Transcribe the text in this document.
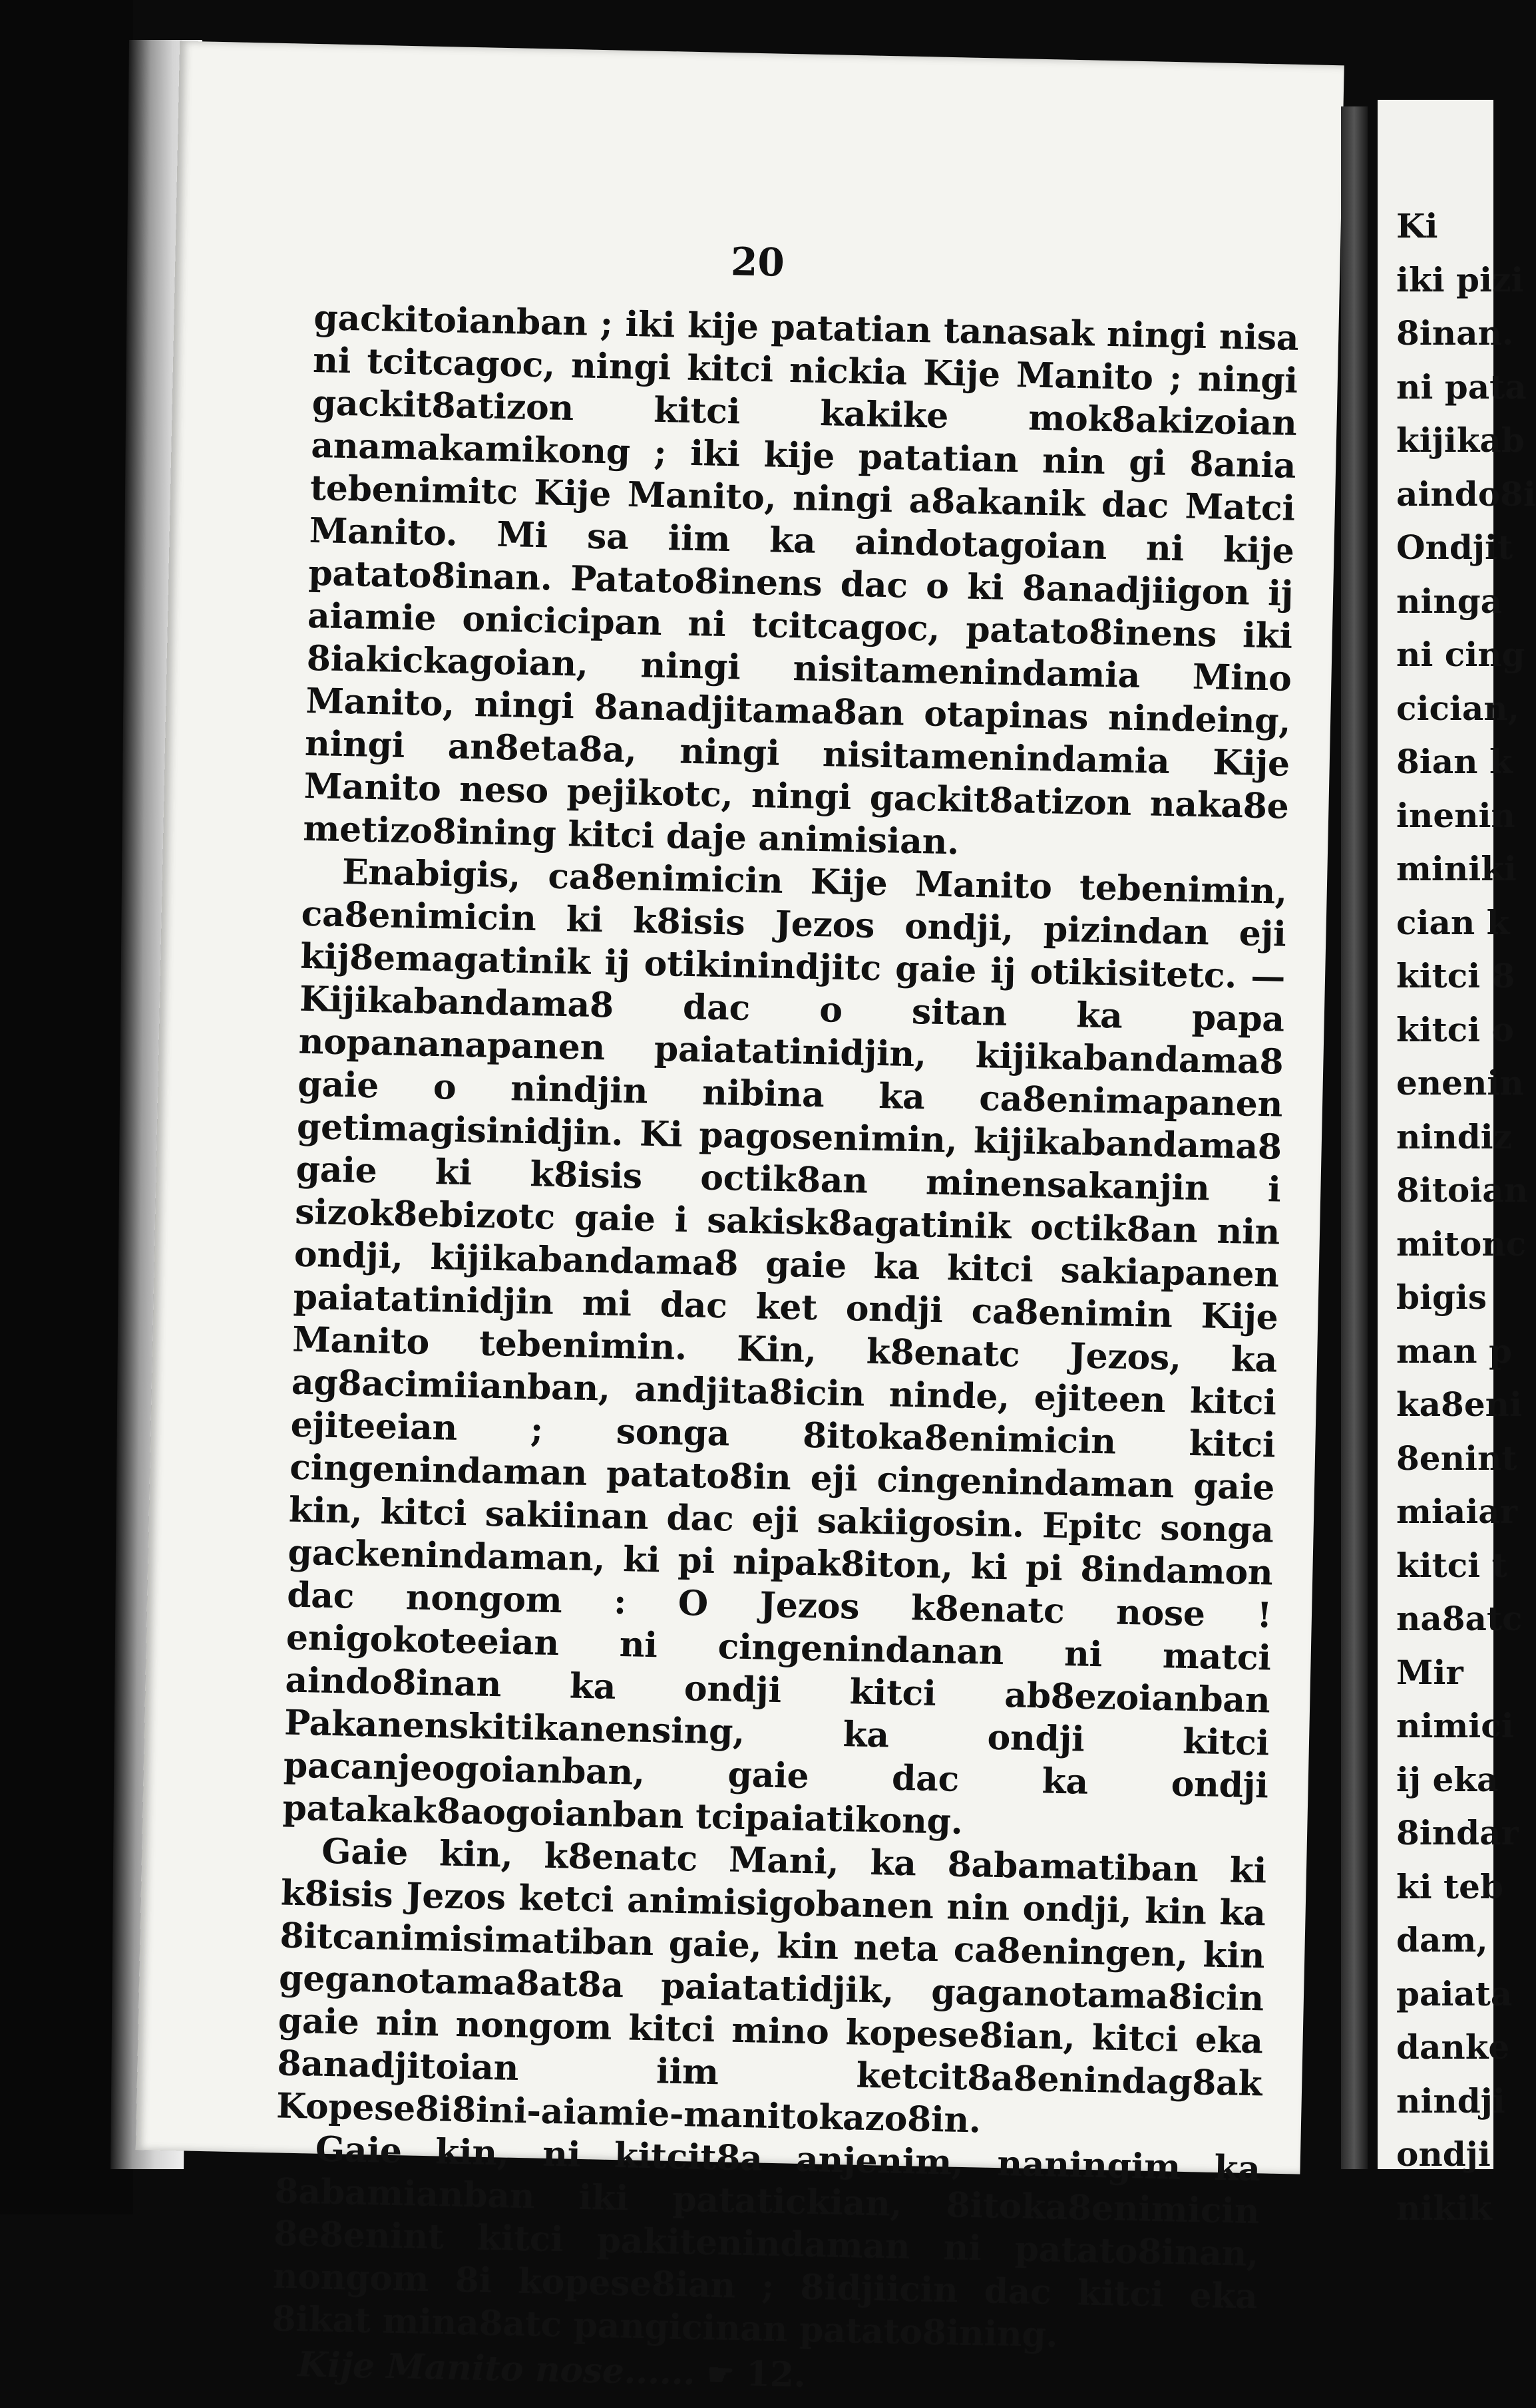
20

gackitoianban ; iki kije patatian tanasak ningi nisa ni tcitcagoc, ningi kitci nickia Kije Manito ; ningi gackit8atizon kitci kakike mok8akizoian anamakamikong ; iki kije patatian nin gi 8ania tebenimitc Kije Manito, ningi a8akanik dac Matci Manito. Mi sa iim ka aindotagoian ni kije patato8inan. Patato8inens dac o ki 8anadjiigon ij aiamie onicicipan ni tcitcagoc, patato8inens iki 8iakickagoian, ningi nisitamenindamia Mino Manito, ningi 8anadjitama8an otapinas nindeing, ningi an8eta8a, ningi nisitamenindamia Kije Manito neso pejikotc, ningi gackit8atizon naka8e metizo8ining kitci daje animisian.

Enabigis, ca8enimicin Kije Manito tebenimin, ca8enimicin ki k8isis Jezos ondji, pizindan eji kij8emagatinik ij otikinindjitc gaie ij otikisitetc. — Kijikabandama8 dac o sitan ka papa nopananapanen paiatatinidjin, kijikabandama8 gaie o nindjin nibina ka ca8enimapanen getimagisinidjin. Ki pagosenimin, kijikabandama8 gaie ki k8isis octik8an minensakanjin i sizok8ebizotc gaie i sakisk8agatinik octik8an nin ondji, kijikabandama8 gaie ka kitci sakiapanen paiatatinidjin mi dac ket ondji ca8enimin Kije Manito tebenimin. Kin, k8enatc Jezos, ka ag8acimiianban, andjita8icin ninde, ejiteen kitci ejiteeian ; songa 8itoka8enimicin kitci cingenindaman patato8in eji cingenindaman gaie kin, kitci sakiinan dac eji sakiigosin. Epitc songa gackenindaman, ki pi nipak8iton, ki pi 8indamon dac nongom : O Jezos k8enatc nose ! enigokoteeian ni cingenindanan ni matci aindo8inan ka ondji kitci ab8ezoianban Pakanenskitikanensing, ka ondji kitci pacanjeogoianban, gaie dac ka ondji patakak8aogoianban tcipaiatikong.

Gaie kin, k8enatc Mani, ka 8abamatiban ki k8isis Jezos ketci animisigobanen nin ondji, kin ka 8itcanimisimatiban gaie, kin neta ca8eningen, kin geganotama8at8a paiatatidjik, gaganotama8icin gaie nin nongom kitci mino kopese8ian, kitci eka 8anadjitoian iim ketcit8a8enindag8ak Kopese8i8ini-aiamie-manitokazo8in.

Gaie kin, ni kitcit8a anjenim, naningim ka 8abamianban iki patatickian, 8itoka8enimicin 8e8enint kitci pakitenindaman ni patato8inan, nongom 8i kopese8ian ; 8idjiicin dac kitci eka 8ikat mina8atc pangicinan patato8ining.

Kije Manito nose...... ☛ 12.
Ki
iki pizi
8inan.
ni pata
kijikab
aindo8i
Ondjit
ninga
ni cing
cician,
8ian k
inenin
miniki
cian k
kitci 8
kitci o
enenin
nindiz
8itoian
mitonc
bigis
man p
ka8eni
8enint
miaiar
kitci t
na8atc
Mir
nimici
ij eka
8indar
ki teb
dam,
paiata
danke
nindji
ondji
nikik
